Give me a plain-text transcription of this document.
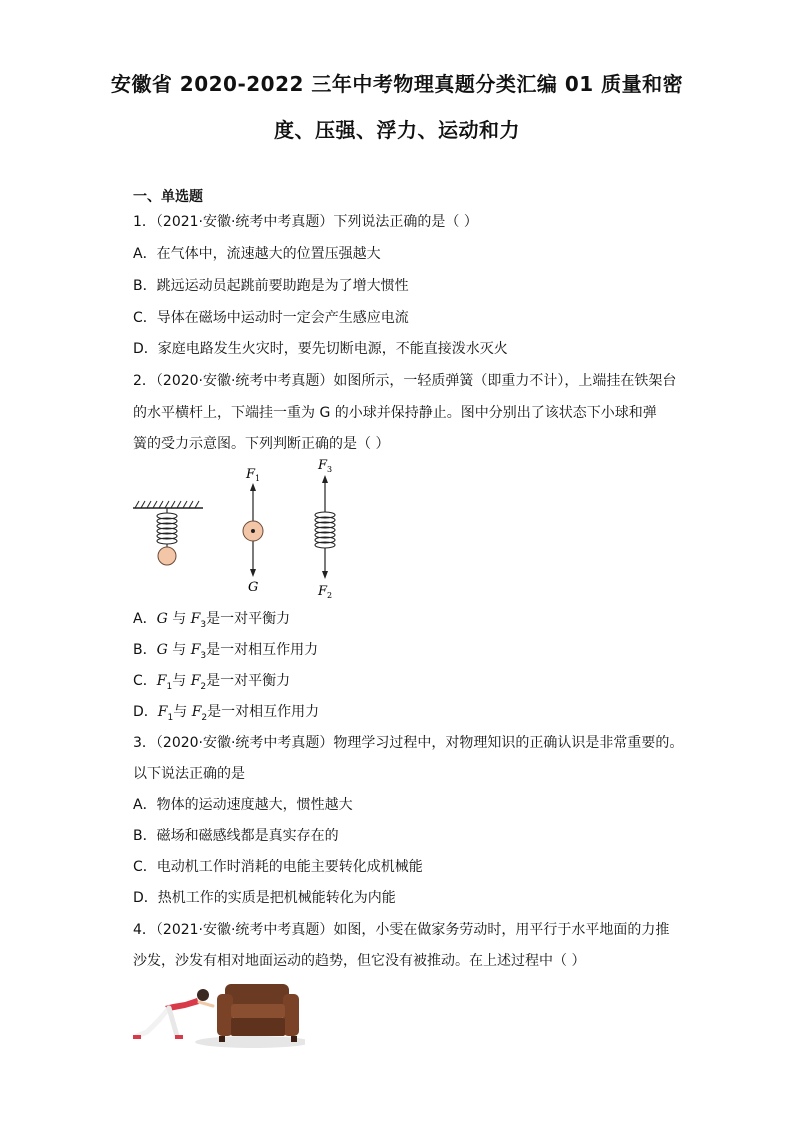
安徽省 2020-2022 三年中考物理真题分类汇编 01 质量和密
度、压强、浮力、运动和力
一、单选题
1．（2021·安徽·统考中考真题）下列说法正确的是（ ）
A．在气体中，流速越大的位置压强越大
B．跳远运动员起跳前要助跑是为了增大惯性
C．导体在磁场中运动时一定会产生感应电流
D．家庭电路发生火灾时，要先切断电源，不能直接泼水灭火
2．（2020·安徽·统考中考真题）如图所示，一轻质弹簧（即重力不计），上端挂在铁架台
的水平横杆上，下端挂一重为 G 的小球并保持静止。图中分别出了该状态下小球和弹
簧的受力示意图。下列判断正确的是（ ）
$F_1$
G
$F_3$
$F_2$
A．G 与 $F_3$是一对平衡力
B．G 与 $F_3$是一对相互作用力
C．$F_1$与 $F_2$是一对平衡力
D．$F_1$与 $F_2$是一对相互作用力
3．（2020·安徽·统考中考真题）物理学习过程中，对物理知识的正确认识是非常重要的。
以下说法正确的是
A．物体的运动速度越大，惯性越大
B．磁场和磁感线都是真实存在的
C．电动机工作时消耗的电能主要转化成机械能
D．热机工作的实质是把机械能转化为内能
4．（2021·安徽·统考中考真题）如图，小雯在做家务劳动时，用平行于水平地面的力推
沙发，沙发有相对地面运动的趋势，但它没有被推动。在上述过程中（ ）
